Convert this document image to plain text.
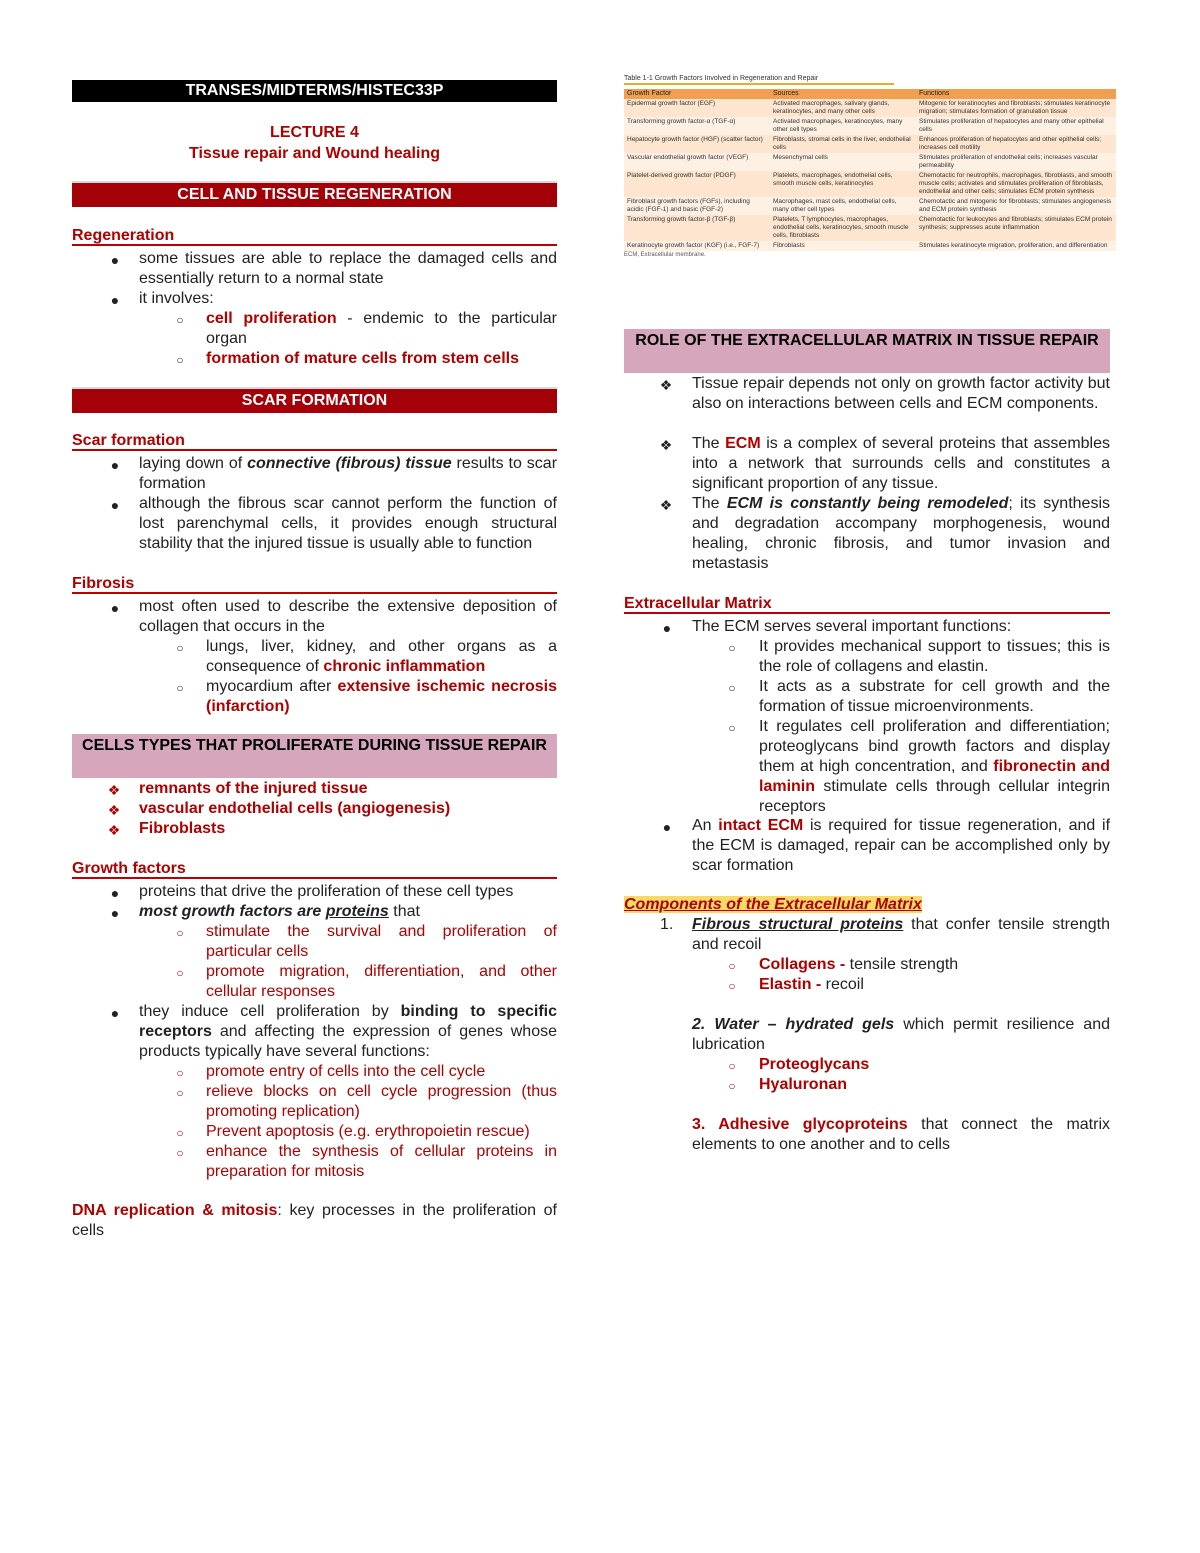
TRANSES/MIDTERMS/HISTEC33P
LECTURE 4
Tissue repair and Wound healing
CELL AND TISSUE REGENERATION
Regeneration
● some tissues are able to replace the damaged cells and essentially return to a normal state
● it involves:
○ cell proliferation - endemic to the particular organ
○ formation of mature cells from stem cells
SCAR FORMATION
Scar formation
● laying down of connective (fibrous) tissue results to scar formation
● although the fibrous scar cannot perform the function of lost parenchymal cells, it provides enough structural stability that the injured tissue is usually able to function
Fibrosis
● most often used to describe the extensive deposition of collagen that occurs in the
○ lungs, liver, kidney, and other organs as a consequence of chronic inflammation
○ myocardium after extensive ischemic necrosis (infarction)
CELLS TYPES THAT PROLIFERATE DURING TISSUE REPAIR
❖ remnants of the injured tissue
❖ vascular endothelial cells (angiogenesis)
❖ Fibroblasts
Growth factors
● proteins that drive the proliferation of these cell types
● most growth factors are proteins that
○ stimulate the survival and proliferation of particular cells
○ promote migration, differentiation, and other cellular responses
● they induce cell proliferation by binding to specific receptors and affecting the expression of genes whose products typically have several functions:
○ promote entry of cells into the cell cycle
○ relieve blocks on cell cycle progression (thus promoting replication)
○ Prevent apoptosis (e.g. erythropoietin rescue)
○ enhance the synthesis of cellular proteins in preparation for mitosis
DNA replication & mitosis: key processes in the proliferation of cells
Table 1-1 Growth Factors Involved in Regeneration and Repair
Growth Factor	Sources	Functions
Epidermal growth factor (EGF)	Activated macrophages, salivary glands, keratinocytes, and many other cells	Mitogenic for keratinocytes and fibroblasts; stimulates keratinocyte migration; stimulates formation of granulation tissue
Transforming growth factor-α (TGF-α)	Activated macrophages, keratinocytes, many other cell types	Stimulates proliferation of hepatocytes and many other epithelial cells
Hepatocyte growth factor (HGF) (scatter factor)	Fibroblasts, stromal cells in the liver, endothelial cells	Enhances proliferation of hepatocytes and other epithelial cells; increases cell motility
Vascular endothelial growth factor (VEGF)	Mesenchymal cells	Stimulates proliferation of endothelial cells; increases vascular permeability
Platelet-derived growth factor (PDGF)	Platelets, macrophages, endothelial cells, smooth muscle cells, keratinocytes	Chemotactic for neutrophils, macrophages, fibroblasts, and smooth muscle cells; activates and stimulates proliferation of fibroblasts, endothelial and other cells; stimulates ECM protein synthesis
Fibroblast growth factors (FGFs), including acidic (FGF-1) and basic (FGF-2)	Macrophages, mast cells, endothelial cells, many other cell types	Chemotactic and mitogenic for fibroblasts; stimulates angiogenesis and ECM protein synthesis
Transforming growth factor-β (TGF-β)	Platelets, T lymphocytes, macrophages, endothelial cells, keratinocytes, smooth muscle cells, fibroblasts	Chemotactic for leukocytes and fibroblasts; stimulates ECM protein synthesis; suppresses acute inflammation
Keratinocyte growth factor (KGF) (i.e., FGF-7)	Fibroblasts	Stimulates keratinocyte migration, proliferation, and differentiation
ECM, Extracellular membrane.
ROLE OF THE EXTRACELLULAR MATRIX IN TISSUE REPAIR
❖ Tissue repair depends not only on growth factor activity but also on interactions between cells and ECM components.
❖ The ECM is a complex of several proteins that assembles into a network that surrounds cells and constitutes a significant proportion of any tissue.
❖ The ECM is constantly being remodeled; its synthesis and degradation accompany morphogenesis, wound healing, chronic fibrosis, and tumor invasion and metastasis
Extracellular Matrix
● The ECM serves several important functions:
○ It provides mechanical support to tissues; this is the role of collagens and elastin.
○ It acts as a substrate for cell growth and the formation of tissue microenvironments.
○ It regulates cell proliferation and differentiation; proteoglycans bind growth factors and display them at high concentration, and fibronectin and laminin stimulate cells through cellular integrin receptors
● An intact ECM is required for tissue regeneration, and if the ECM is damaged, repair can be accomplished only by scar formation
Components of the Extracellular Matrix
1.	Fibrous structural proteins that confer tensile strength and recoil
○ Collagens - tensile strength
○ Elastin - recoil
2. Water – hydrated gels which permit resilience and lubrication
○ Proteoglycans
○ Hyaluronan
3. Adhesive glycoproteins that connect the matrix elements to one another and to cells
